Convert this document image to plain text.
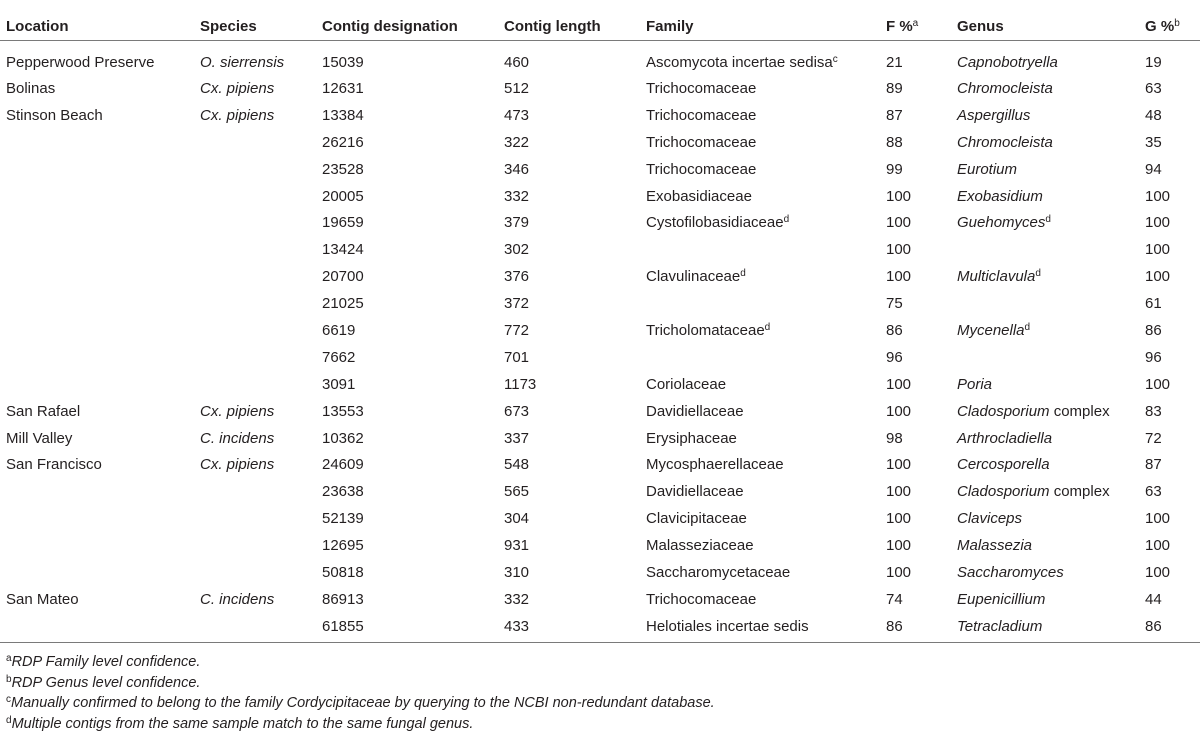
Location	Species	Contig designation	Contig length	Family	F %$^a$	Genus	G %$^b$
Pepperwood Preserve	O. sierrensis	15039	460	Ascomycota incertae sedisa$^c$	21	Capnobotryella	19
Bolinas	Cx. pipiens	12631	512	Trichocomaceae	89	Chromocleista	63
Stinson Beach	Cx. pipiens	13384	473	Trichocomaceae	87	Aspergillus	48
		26216	322	Trichocomaceae	88	Chromocleista	35
		23528	346	Trichocomaceae	99	Eurotium	94
		20005	332	Exobasidiaceae	100	Exobasidium	100
		19659	379	Cystofilobasidiaceae$^d$	100	Guehomyces$^d$	100
		13424	302		100		100
		20700	376	Clavulinaceae$^d$	100	Multiclavula$^d$	100
		21025	372		75		61
		6619	772	Tricholomataceae$^d$	86	Mycenella$^d$	86
		7662	701		96		96
		3091	1173	Coriolaceae	100	Poria	100
San Rafael	Cx. pipiens	13553	673	Davidiellaceae	100	Cladosporium complex	83
Mill Valley	C. incidens	10362	337	Erysiphaceae	98	Arthrocladiella	72
San Francisco	Cx. pipiens	24609	548	Mycosphaerellaceae	100	Cercosporella	87
		23638	565	Davidiellaceae	100	Cladosporium complex	63
		52139	304	Clavicipitaceae	100	Claviceps	100
		12695	931	Malasseziaceae	100	Malassezia	100
		50818	310	Saccharomycetaceae	100	Saccharomyces	100
San Mateo	C. incidens	86913	332	Trichocomaceae	74	Eupenicillium	44
		61855	433	Helotiales incertae sedis	86	Tetracladium	86
$^a$RDP Family level confidence.
$^b$RDP Genus level confidence.
$^c$Manually confirmed to belong to the family Cordycipitaceae by querying to the NCBI non-redundant database.
$^d$Multiple contigs from the same sample match to the same fungal genus.
